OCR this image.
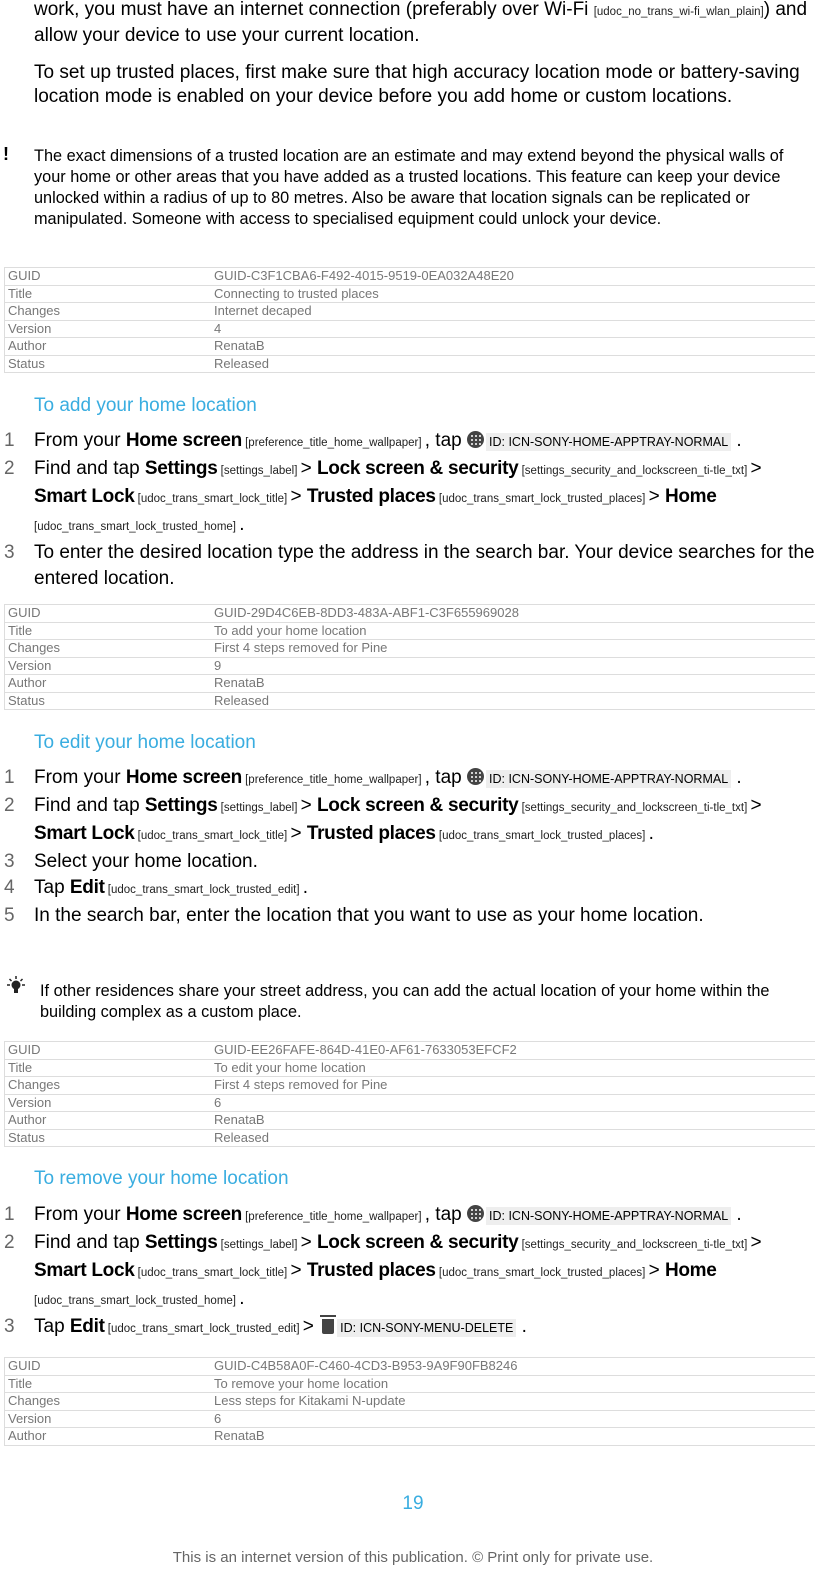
work, you must have an internet connection (preferably over Wi-Fi [udoc_no_trans_wi-fi_wlan_plain]) and allow your device to use your current location.

To set up trusted places, first make sure that high accuracy location mode or battery-saving location mode is enabled on your device before you add home or custom locations.

! The exact dimensions of a trusted location are an estimate and may extend beyond the physical walls of your home or other areas that you have added as a trusted locations. This feature can keep your device unlocked within a radius of up to 80 metres. Also be aware that location signals can be replicated or manipulated. Someone with access to specialised equipment could unlock your device.
GUID	GUID-C3F1CBA6-F492-4015-9519-0EA032A48E20
Title	Connecting to trusted places
Changes	Internet decaped
Version	4
Author	RenataB
Status	Released
To add your home location
1 From your Home screen [preference_title_home_wallpaper] , tap ID: ICN-SONY-HOME-APPTRAY-NORMAL .
2 Find and tap Settings [settings_label] > Lock screen & security [settings_security_and_lockscreen_ti-tle_txt] > Smart Lock [udoc_trans_smart_lock_title] > Trusted places [udoc_trans_smart_lock_trusted_places] > Home [udoc_trans_smart_lock_trusted_home] .
3 To enter the desired location type the address in the search bar. Your device searches for the entered location.
GUID	GUID-29D4C6EB-8DD3-483A-ABF1-C3F655969028
Title	To add your home location
Changes	First 4 steps removed for Pine
Version	9
Author	RenataB
Status	Released
To edit your home location
1 From your Home screen [preference_title_home_wallpaper] , tap ID: ICN-SONY-HOME-APPTRAY-NORMAL .
2 Find and tap Settings [settings_label] > Lock screen & security [settings_security_and_lockscreen_ti-tle_txt] > Smart Lock [udoc_trans_smart_lock_title] > Trusted places [udoc_trans_smart_lock_trusted_places] .
3 Select your home location.
4 Tap Edit [udoc_trans_smart_lock_trusted_edit] .
5 In the search bar, enter the location that you want to use as your home location.
If other residences share your street address, you can add the actual location of your home within the building complex as a custom place.
GUID	GUID-EE26FAFE-864D-41E0-AF61-7633053EFCF2
Title	To edit your home location
Changes	First 4 steps removed for Pine
Version	6
Author	RenataB
Status	Released
To remove your home location
1 From your Home screen [preference_title_home_wallpaper] , tap ID: ICN-SONY-HOME-APPTRAY-NORMAL .
2 Find and tap Settings [settings_label] > Lock screen & security [settings_security_and_lockscreen_ti-tle_txt] > Smart Lock [udoc_trans_smart_lock_title] > Trusted places [udoc_trans_smart_lock_trusted_places] > Home [udoc_trans_smart_lock_trusted_home] .
3 Tap Edit [udoc_trans_smart_lock_trusted_edit] > ID: ICN-SONY-MENU-DELETE .
GUID	GUID-C4B58A0F-C460-4CD3-B953-9A9F90FB8246
Title	To remove your home location
Changes	Less steps for Kitakami N-update
Version	6
Author	RenataB
19
This is an internet version of this publication. © Print only for private use.
